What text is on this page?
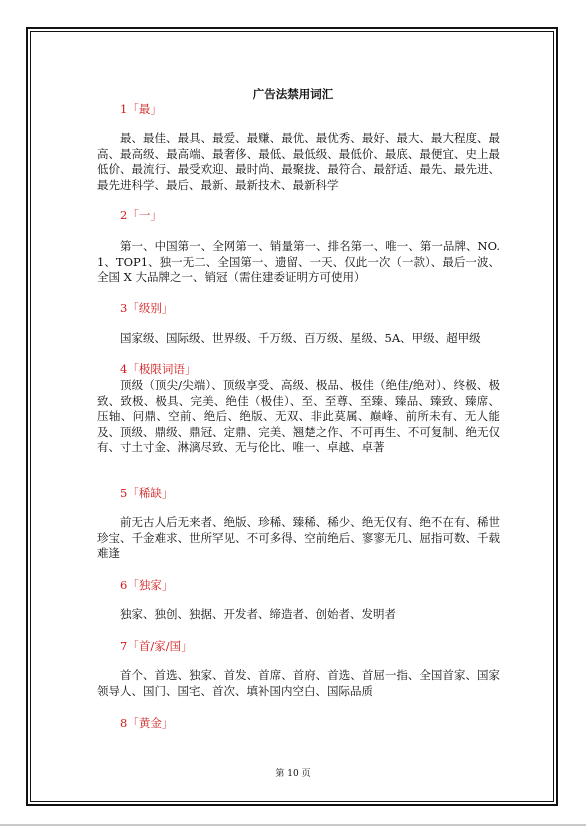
广告法禁用词汇
1「最」
最、最佳、最具、最爱、最赚、最优、最优秀、最好、最大、最大程度、最高、最高级、最高端、最奢侈、最低、最低级、最低价、最底、最便宜、史上最低价、最流行、最受欢迎、最时尚、最聚拢、最符合、最舒适、最先、最先进、最先进科学、最后、最新、最新技术、最新科学
2「一」
第一、中国第一、全网第一、销量第一、排名第一、唯一、第一品牌、NO.1、TOP1、独一无二、全国第一、遗留、一天、仅此一次（一款）、最后一波、全国 X 大品牌之一、销冠（需住建委证明方可使用）
3「级别」
国家级、国际级、世界级、千万级、百万级、星级、5A、甲级、超甲级
4「极限词语」
顶级（顶尖/尖端）、顶级享受、高级、极品、极佳（绝佳/绝对）、终极、极致、致极、极具、完美、绝佳（极佳）、至、至尊、至臻、臻品、臻致、臻席、压轴、问鼎、空前、绝后、绝版、无双、非此莫属、巅峰、前所未有、无人能及、顶级、鼎级、鼎冠、定鼎、完美、翘楚之作、不可再生、不可复制、绝无仅有、寸土寸金、淋漓尽致、无与伦比、唯一、卓越、卓著
5「稀缺」
前无古人后无来者、绝版、珍稀、臻稀、稀少、绝无仅有、绝不在有、稀世珍宝、千金难求、世所罕见、不可多得、空前绝后、寥寥无几、屈指可数、千载难逢
6「独家」
独家、独创、独据、开发者、缔造者、创始者、发明者
7「首/家/国」
首个、首选、独家、首发、首席、首府、首选、首屈一指、全国首家、国家领导人、国门、国宅、首次、填补国内空白、国际品质
8「黄金」
第 10 页
